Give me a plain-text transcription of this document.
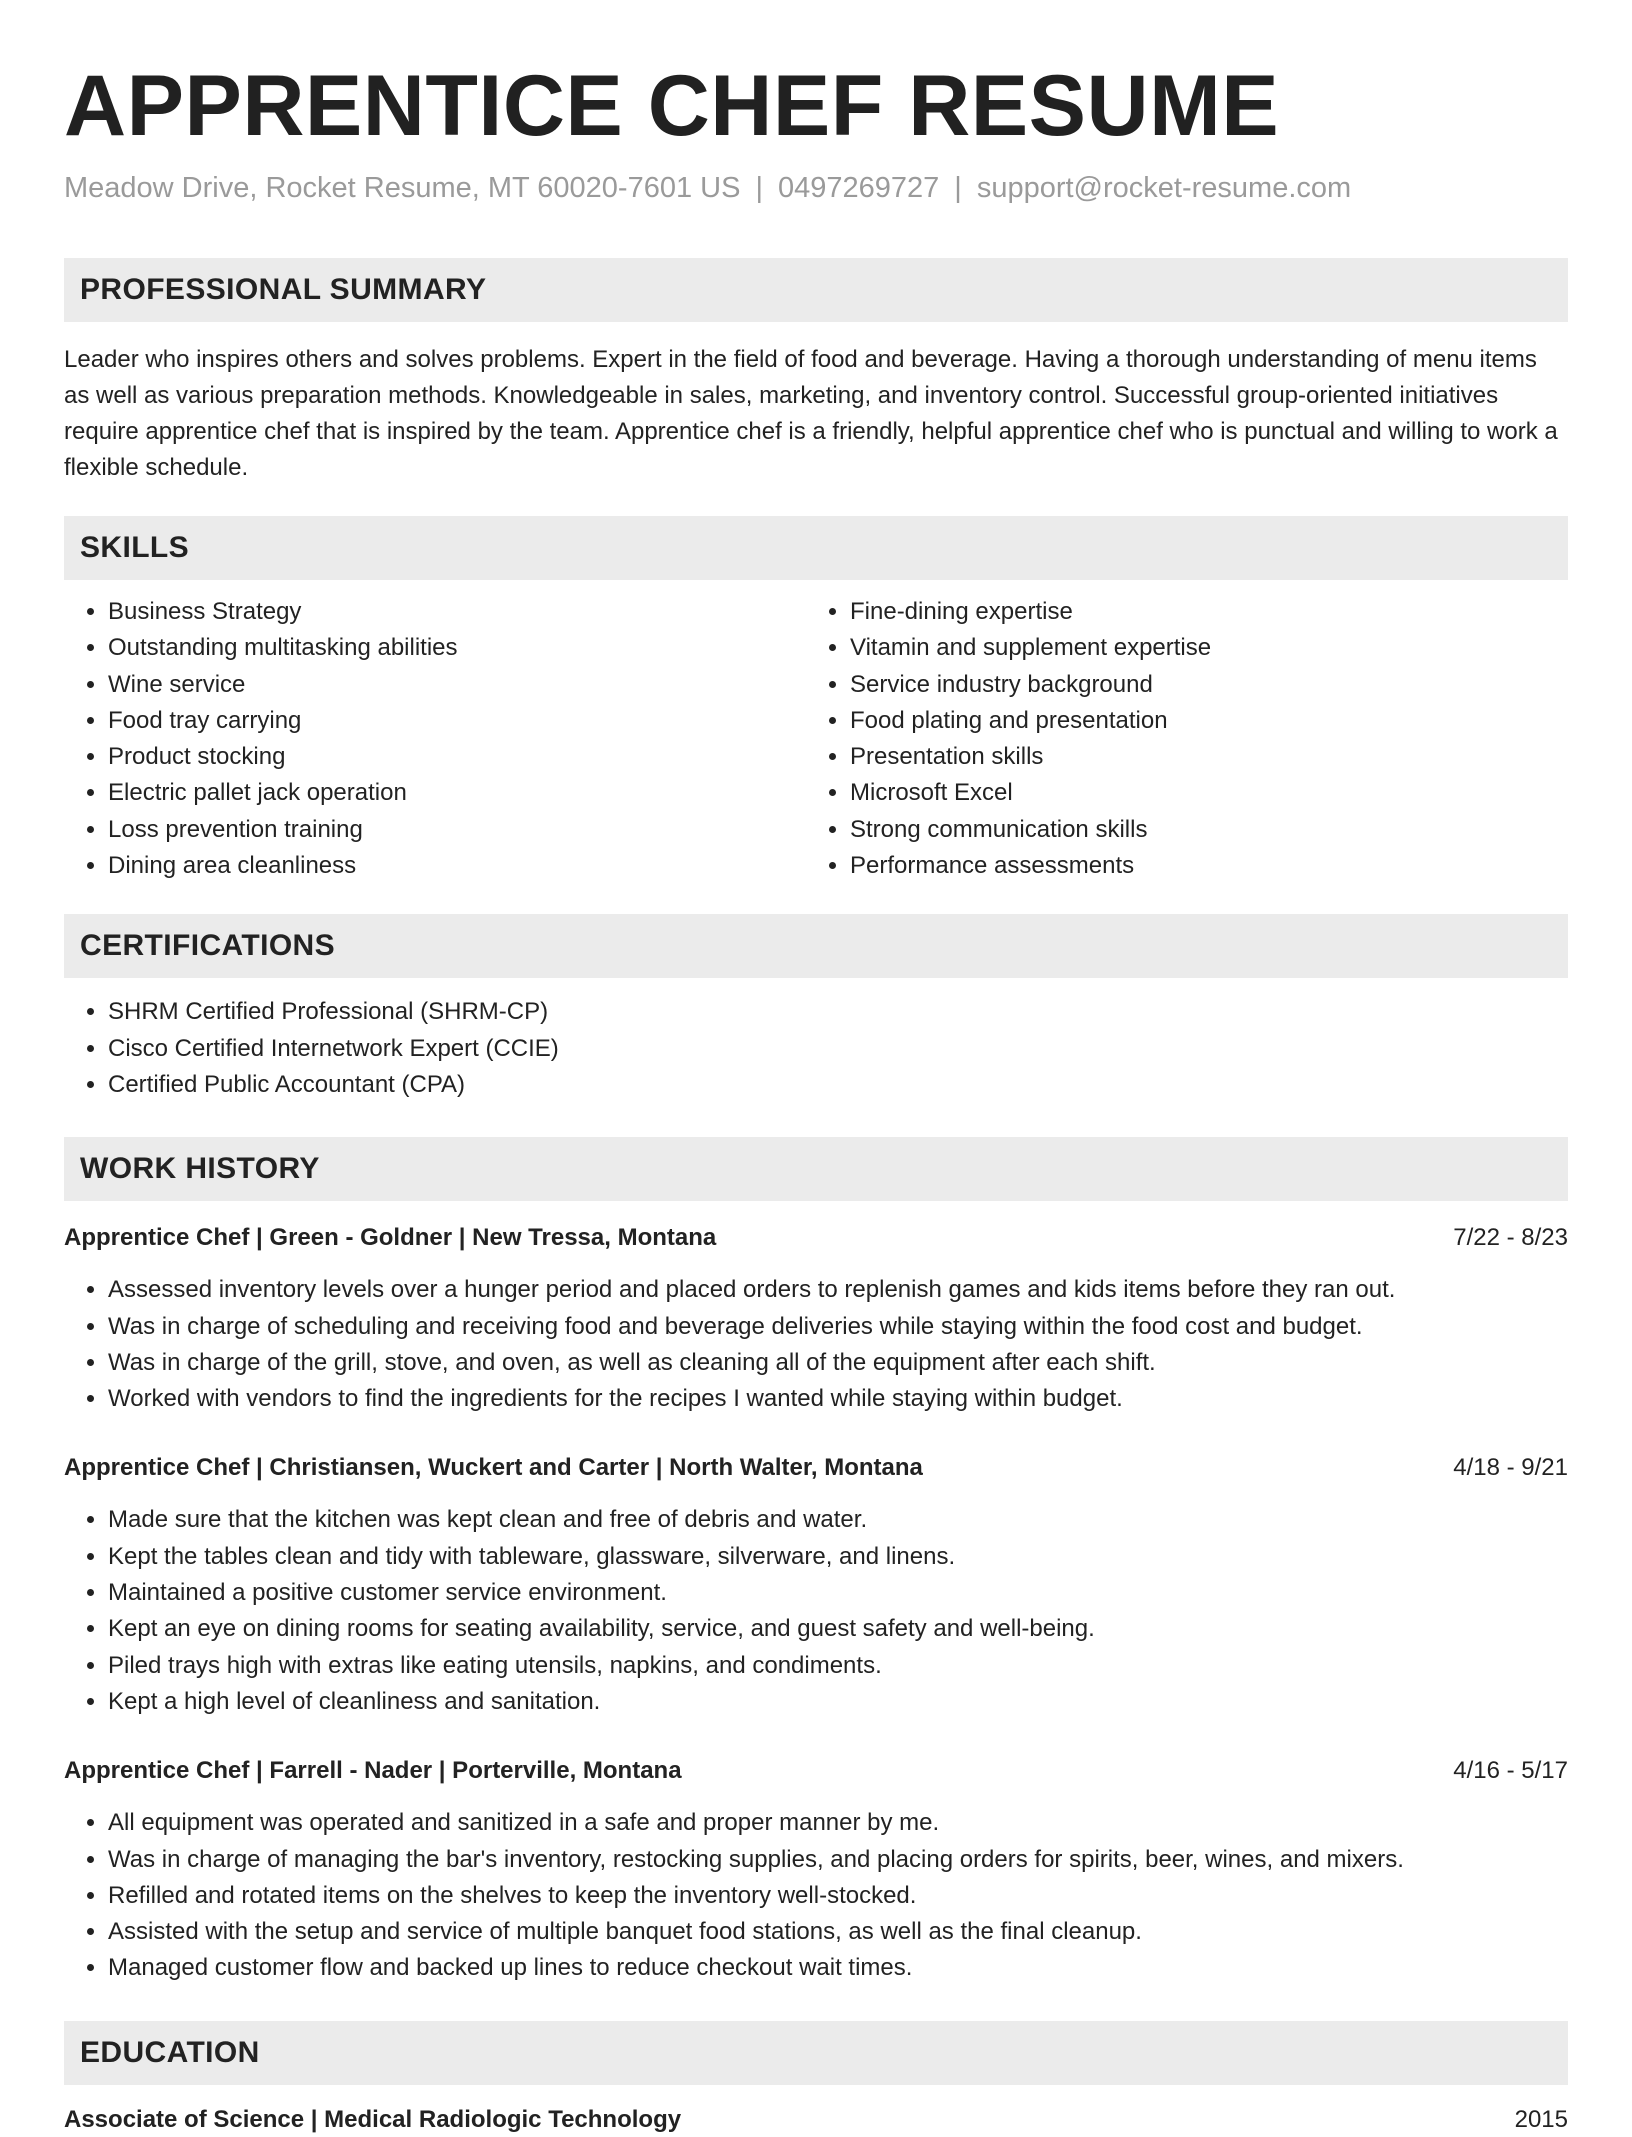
APPRENTICE CHEF RESUME
Meadow Drive, Rocket Resume, MT 60020-7601 US | 0497269727 | support@rocket-resume.com
PROFESSIONAL SUMMARY

Leader who inspires others and solves problems. Expert in the field of food and beverage. Having a thorough understanding of menu items as well as various preparation methods. Knowledgeable in sales, marketing, and inventory control. Successful group-oriented initiatives require apprentice chef that is inspired by the team. Apprentice chef is a friendly, helpful apprentice chef who is punctual and willing to work a flexible schedule.

SKILLS
• Business Strategy
• Outstanding multitasking abilities
• Wine service
• Food tray carrying
• Product stocking
• Electric pallet jack operation
• Loss prevention training
• Dining area cleanliness
• Fine-dining expertise
• Vitamin and supplement expertise
• Service industry background
• Food plating and presentation
• Presentation skills
• Microsoft Excel
• Strong communication skills
• Performance assessments
CERTIFICATIONS
• SHRM Certified Professional (SHRM-CP)
• Cisco Certified Internetwork Expert (CCIE)
• Certified Public Accountant (CPA)
WORK HISTORY
Apprentice Chef | Green - Goldner | New Tressa, Montana	7/22 - 8/23
• Assessed inventory levels over a hunger period and placed orders to replenish games and kids items before they ran out.
• Was in charge of scheduling and receiving food and beverage deliveries while staying within the food cost and budget.
• Was in charge of the grill, stove, and oven, as well as cleaning all of the equipment after each shift.
• Worked with vendors to find the ingredients for the recipes I wanted while staying within budget.
Apprentice Chef | Christiansen, Wuckert and Carter | North Walter, Montana	4/18 - 9/21
• Made sure that the kitchen was kept clean and free of debris and water.
• Kept the tables clean and tidy with tableware, glassware, silverware, and linens.
• Maintained a positive customer service environment.
• Kept an eye on dining rooms for seating availability, service, and guest safety and well-being.
• Piled trays high with extras like eating utensils, napkins, and condiments.
• Kept a high level of cleanliness and sanitation.
Apprentice Chef | Farrell - Nader | Porterville, Montana	4/16 - 5/17
• All equipment was operated and sanitized in a safe and proper manner by me.
• Was in charge of managing the bar's inventory, restocking supplies, and placing orders for spirits, beer, wines, and mixers.
• Refilled and rotated items on the shelves to keep the inventory well-stocked.
• Assisted with the setup and service of multiple banquet food stations, as well as the final cleanup.
• Managed customer flow and backed up lines to reduce checkout wait times.
EDUCATION
Associate of Science | Medical Radiologic Technology	2015
